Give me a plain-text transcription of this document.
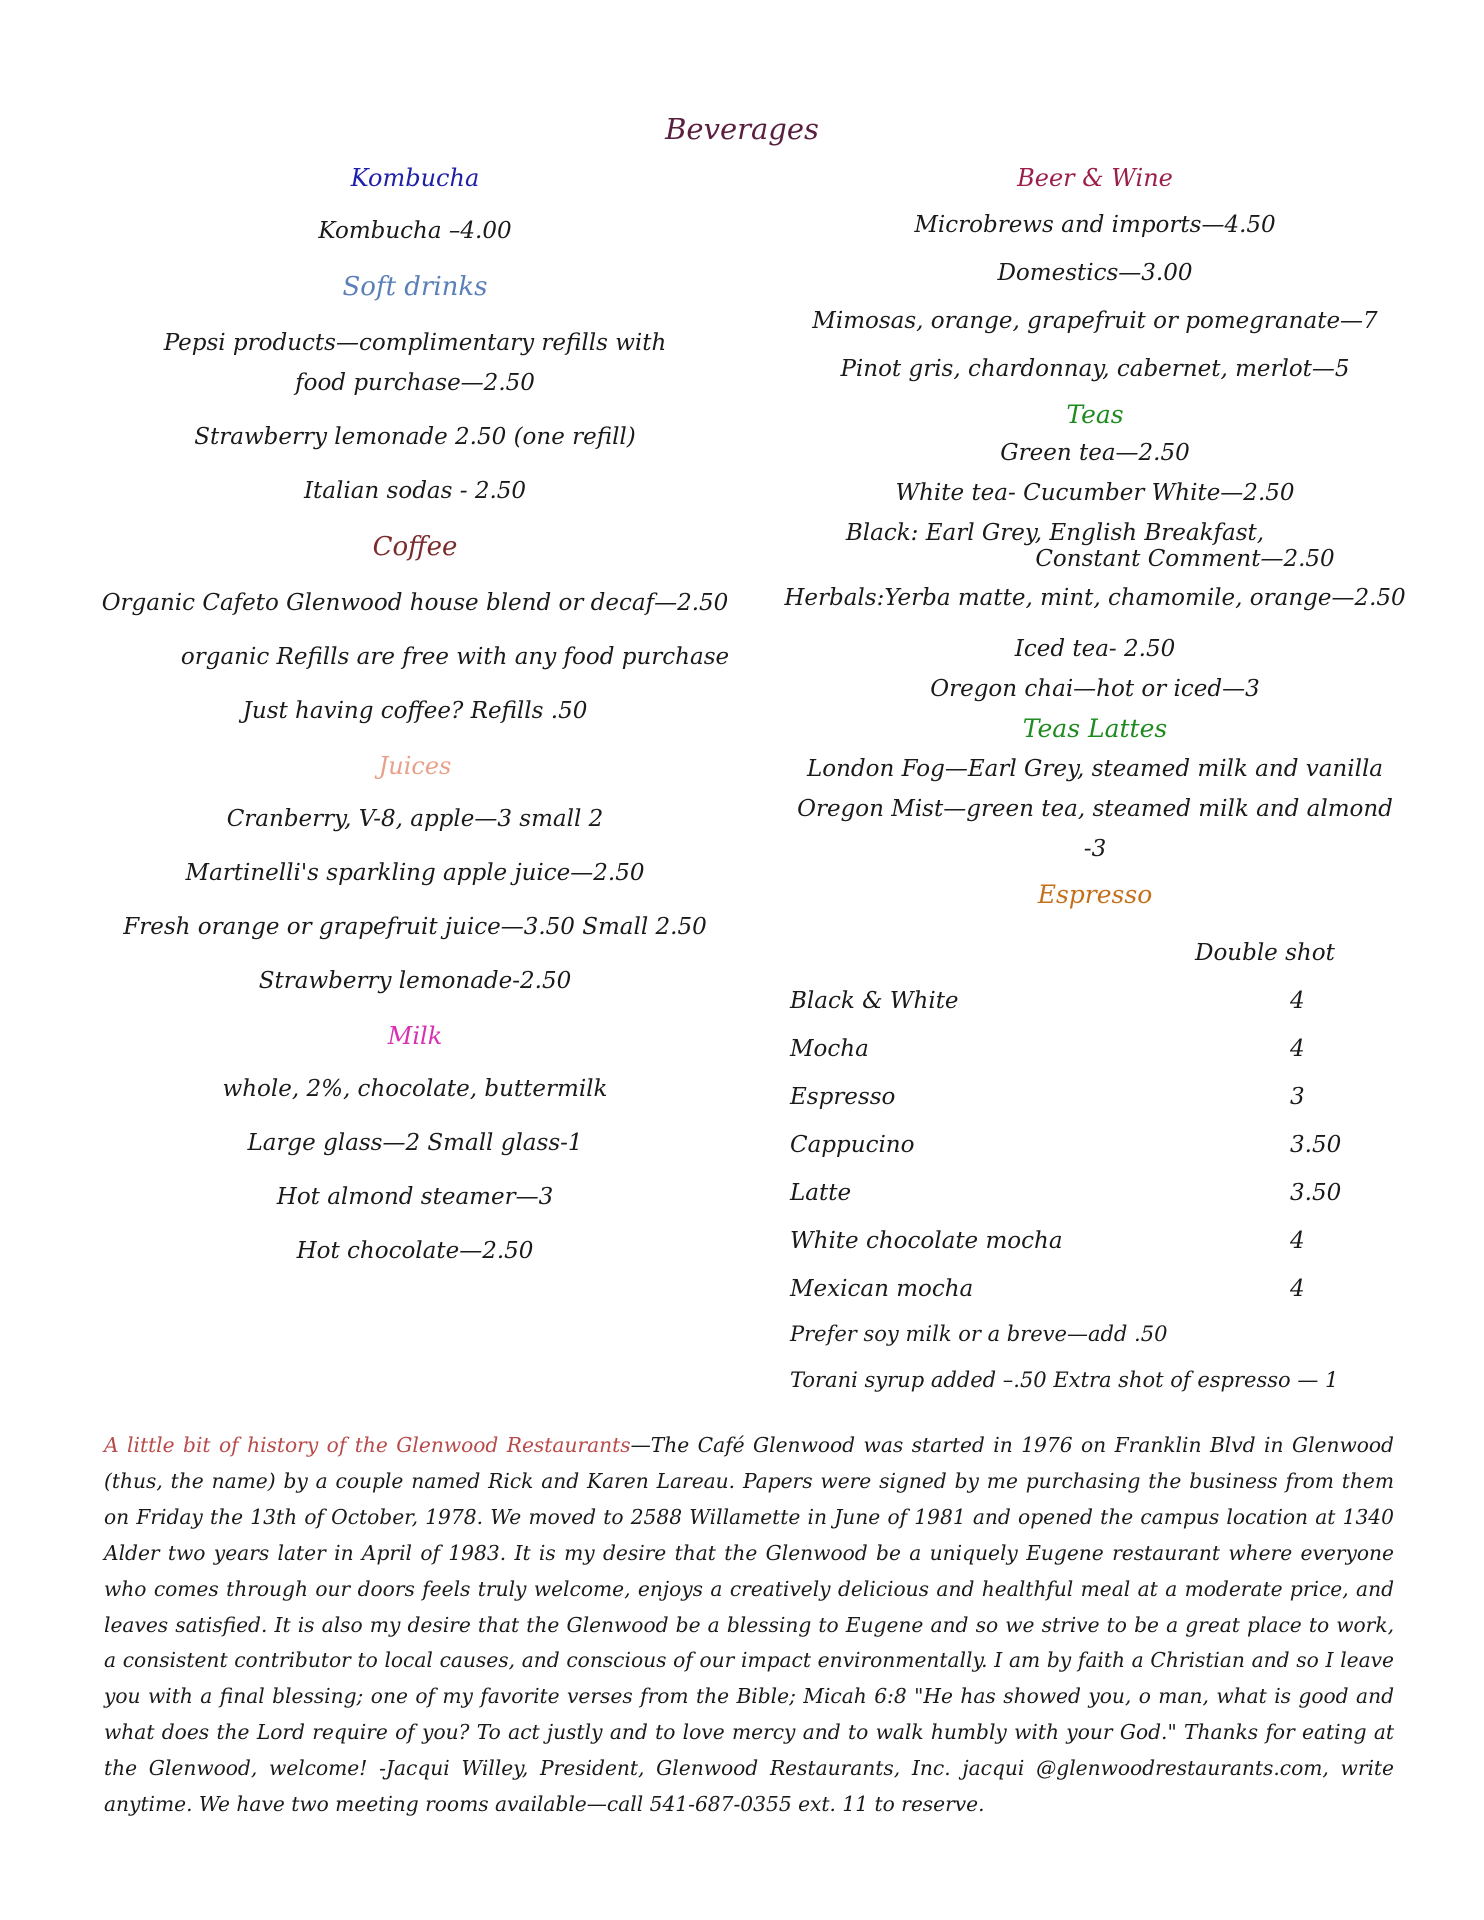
Beverages
Kombucha
Kombucha –4.00
Soft drinks
Pepsi products—complimentary refills with
food purchase—2.50
Strawberry lemonade 2.50 (one refill)
Italian sodas - 2.50
Coffee
Organic Cafeto Glenwood house blend or decaf—2.50
organic Refills are free with any food purchase
Just having coffee? Refills .50
Juices
Cranberry, V-8, apple—3 small 2
Martinelli's sparkling apple juice—2.50
Fresh orange or grapefruit juice—3.50 Small 2.50
Strawberry lemonade-2.50
Milk
whole, 2%, chocolate, buttermilk
Large glass—2 Small glass-1
Hot almond steamer—3
Hot chocolate—2.50
Beer & Wine
Microbrews and imports—4.50
Domestics—3.00
Mimosas, orange, grapefruit or pomegranate—7
Pinot gris, chardonnay, cabernet, merlot—5
Teas
Green tea—2.50
White tea- Cucumber White—2.50
Black: Earl Grey, English Breakfast,
Constant Comment—2.50
Herbals:Yerba matte, mint, chamomile, orange—2.50
Iced tea- 2.50
Oregon chai—hot or iced—3
Teas Lattes
London Fog—Earl Grey, steamed milk and vanilla
Oregon Mist—green tea, steamed milk and almond
-3
Espresso
Double shot
Black & White	4
Mocha	4
Espresso	3
Cappucino	3.50
Latte	3.50
White chocolate mocha	4
Mexican mocha	4
Prefer soy milk or a breve—add .50
Torani syrup added –.50 Extra shot of espresso — 1
A little bit of history of the Glenwood Restaurants—The Café Glenwood was started in 1976 on Franklin Blvd in Glenwood (thus, the name) by a couple named Rick and Karen Lareau. Papers were signed by me purchasing the business from them on Friday the 13th of October, 1978. We moved to 2588 Willamette in June of 1981 and opened the campus location at 1340 Alder two years later in April of 1983. It is my desire that the Glenwood be a uniquely Eugene restaurant where everyone who comes through our doors feels truly welcome, enjoys a creatively delicious and healthful meal at a moderate price, and leaves satisfied. It is also my desire that the Glenwood be a blessing to Eugene and so we strive to be a great place to work, a consistent contributor to local causes, and conscious of our impact environmentally. I am by faith a Christian and so I leave you with a final blessing; one of my favorite verses from the Bible; Micah 6:8 "He has showed you, o man, what is good and what does the Lord require of you? To act justly and to love mercy and to walk humbly with your God." Thanks for eating at the Glenwood, welcome! -Jacqui Willey, President, Glenwood Restaurants, Inc. jacqui @glenwoodrestaurants.com, write anytime. We have two meeting rooms available—call 541-687-0355 ext. 11 to reserve.
